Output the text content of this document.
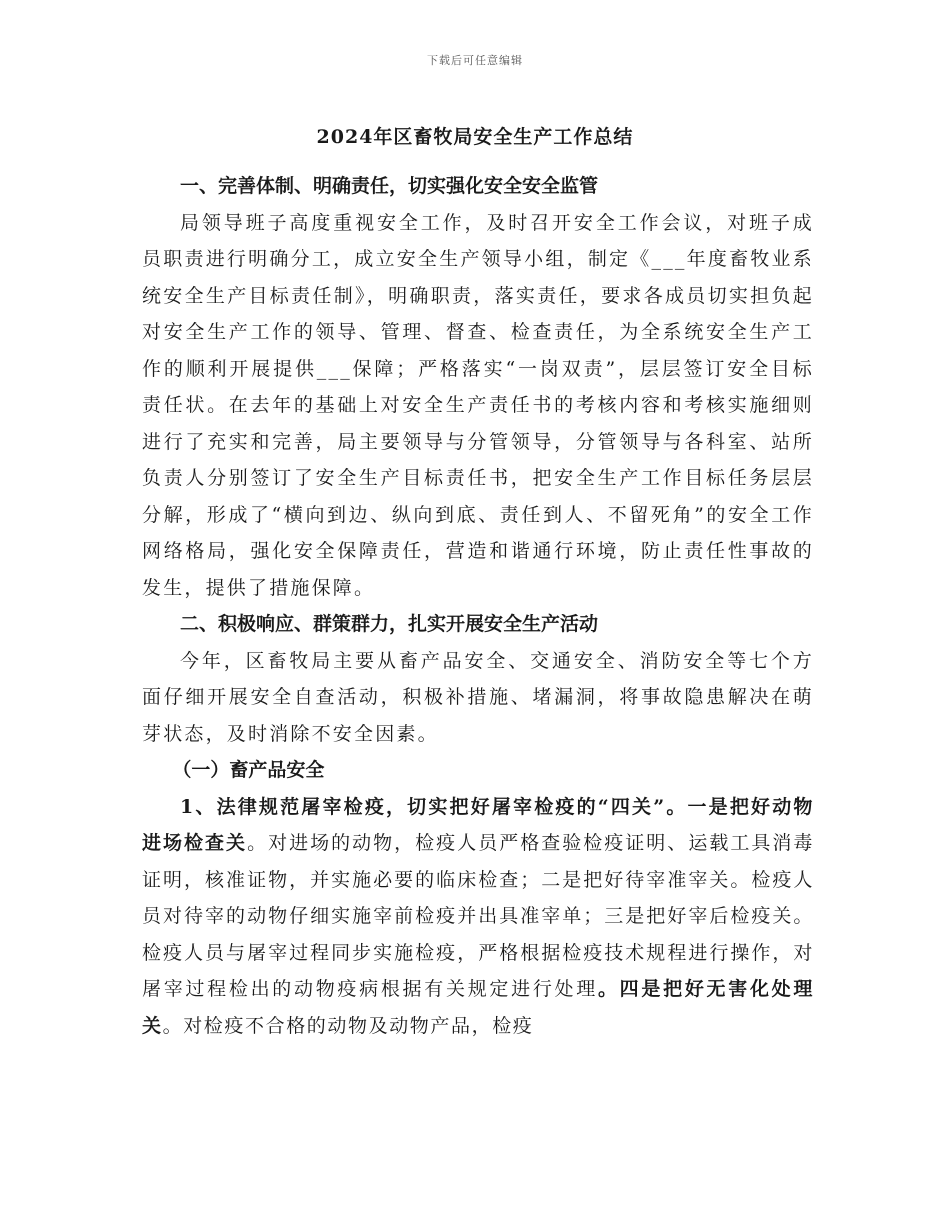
下载后可任意编辑
2024年区畜牧局安全生产工作总结

一、完善体制、明确责任，切实强化安全安全监管

局领导班子高度重视安全工作，及时召开安全工作会议，对班子成员职责进行明确分工，成立安全生产领导小组，制定《___年度畜牧业系统安全生产目标责任制》，明确职责，落实责任，要求各成员切实担负起对安全生产工作的领导、管理、督查、检查责任，为全系统安全生产工作的顺利开展提供___保障；严格落实“一岗双责”，层层签订安全目标责任状。在去年的基础上对安全生产责任书的考核内容和考核实施细则进行了充实和完善，局主要领导与分管领导，分管领导与各科室、站所负责人分别签订了安全生产目标责任书，把安全生产工作目标任务层层分解，形成了“横向到边、纵向到底、责任到人、不留死角”的安全工作网络格局，强化安全保障责任，营造和谐通行环境，防止责任性事故的发生，提供了措施保障。

二、积极响应、群策群力，扎实开展安全生产活动

今年，区畜牧局主要从畜产品安全、交通安全、消防安全等七个方面仔细开展安全自查活动，积极补措施、堵漏洞，将事故隐患解决在萌芽状态，及时消除不安全因素。

（一）畜产品安全

1、法律规范屠宰检疫，切实把好屠宰检疫的“四关”。一是把好动物进场检查关。对进场的动物，检疫人员严格查验检疫证明、运载工具消毒证明，核准证物，并实施必要的临床检查；二是把好待宰准宰关。检疫人员对待宰的动物仔细实施宰前检疫并出具准宰单；三是把好宰后检疫关。检疫人员与屠宰过程同步实施检疫，严格根据检疫技术规程进行操作，对屠宰过程检出的动物疫病根据有关规定进行处理。四是把好无害化处理关。对检疫不合格的动物及动物产品，检疫
